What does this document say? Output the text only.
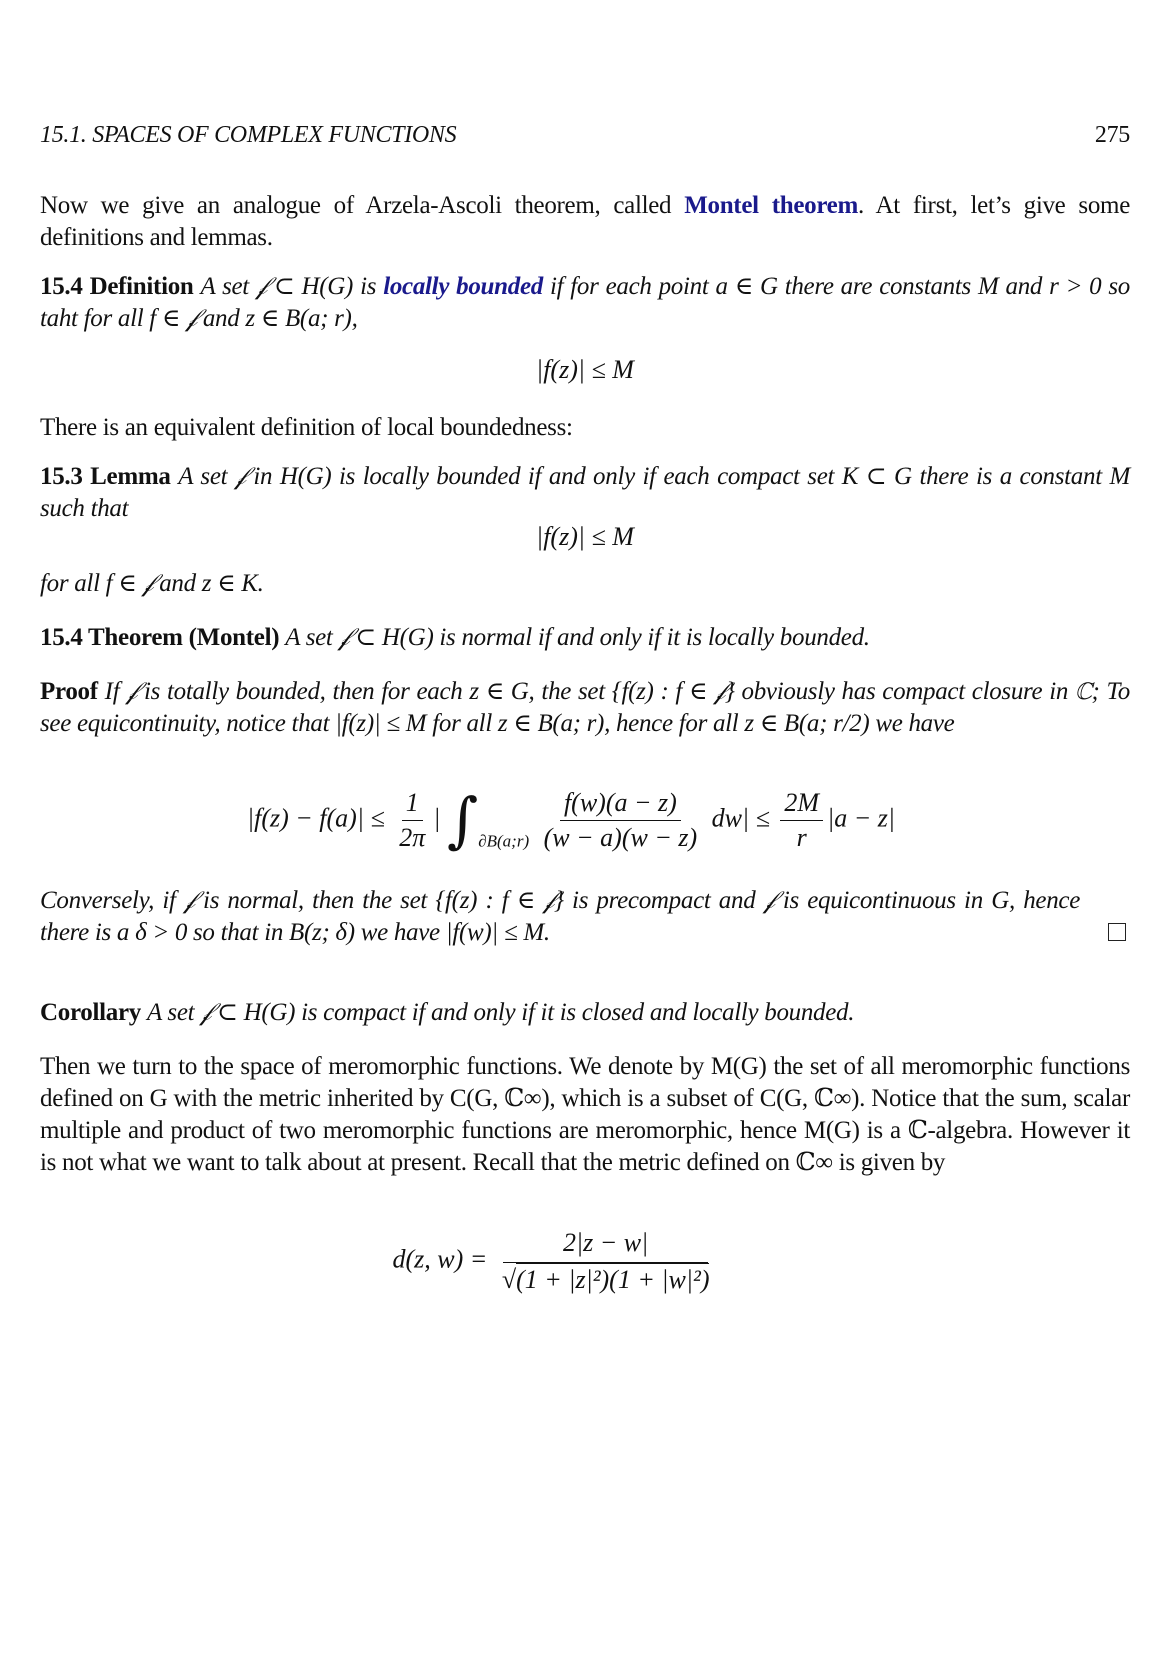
15.1. SPACES OF COMPLEX FUNCTIONS	275
Now we give an analogue of Arzela-Ascoli theorem, called Montel theorem. At first, let’s give some definitions and lemmas.
15.4 Definition A set 𝒻 ⊂ H(G) is locally bounded if for each point a ∈ G there are constants M and r > 0 so taht for all f ∈ 𝒻 and z ∈ B(a; r),
|f(z)| ≤ M
There is an equivalent definition of local boundedness:
15.3 Lemma A set 𝒻 in H(G) is locally bounded if and only if each compact set K ⊂ G there is a constant M such that
|f(z)| ≤ M
for all f ∈ 𝒻 and z ∈ K.
15.4 Theorem (Montel) A set 𝒻 ⊂ H(G) is normal if and only if it is locally bounded.
Proof If 𝒻 is totally bounded, then for each z ∈ G, the set {f(z) : f ∈ 𝒻} obviously has compact closure in ℂ; To see equicontinuity, notice that |f(z)| ≤ M for all z ∈ B(a; r), hence for all z ∈ B(a; r/2) we have
$|f(z) - f(a)| \le \frac{1}{2\pi}$ | $\int_{\partial B(a;r)} \frac{f(w)(a - z)}{(w - a)(w - z)} dw| \le \frac{2M}{r} |a - z|$
Conversely, if 𝒻 is normal, then the set {f(z) : f ∈ 𝒻} is precompact and 𝒻 is equicontinuous in G, hence there is a δ > 0 so that in B(z; δ) we have |f(w)| ≤ M.
Corollary A set 𝒻 ⊂ H(G) is compact if and only if it is closed and locally bounded.
Then we turn to the space of meromorphic functions. We denote by M(G) the set of all meromorphic functions defined on G with the metric inherited by C(G, ℂ∞), which is a subset of C(G, ℂ∞). Notice that the sum, scalar multiple and product of two meromorphic functions are meromorphic, hence M(G) is a ℂ-algebra. However it is not what we want to talk about at present. Recall that the metric defined on ℂ∞ is given by
d(z, $w) = \frac{2|z - w|}{\text{√(1 + |z|²)(1 + |w|²)}}$
